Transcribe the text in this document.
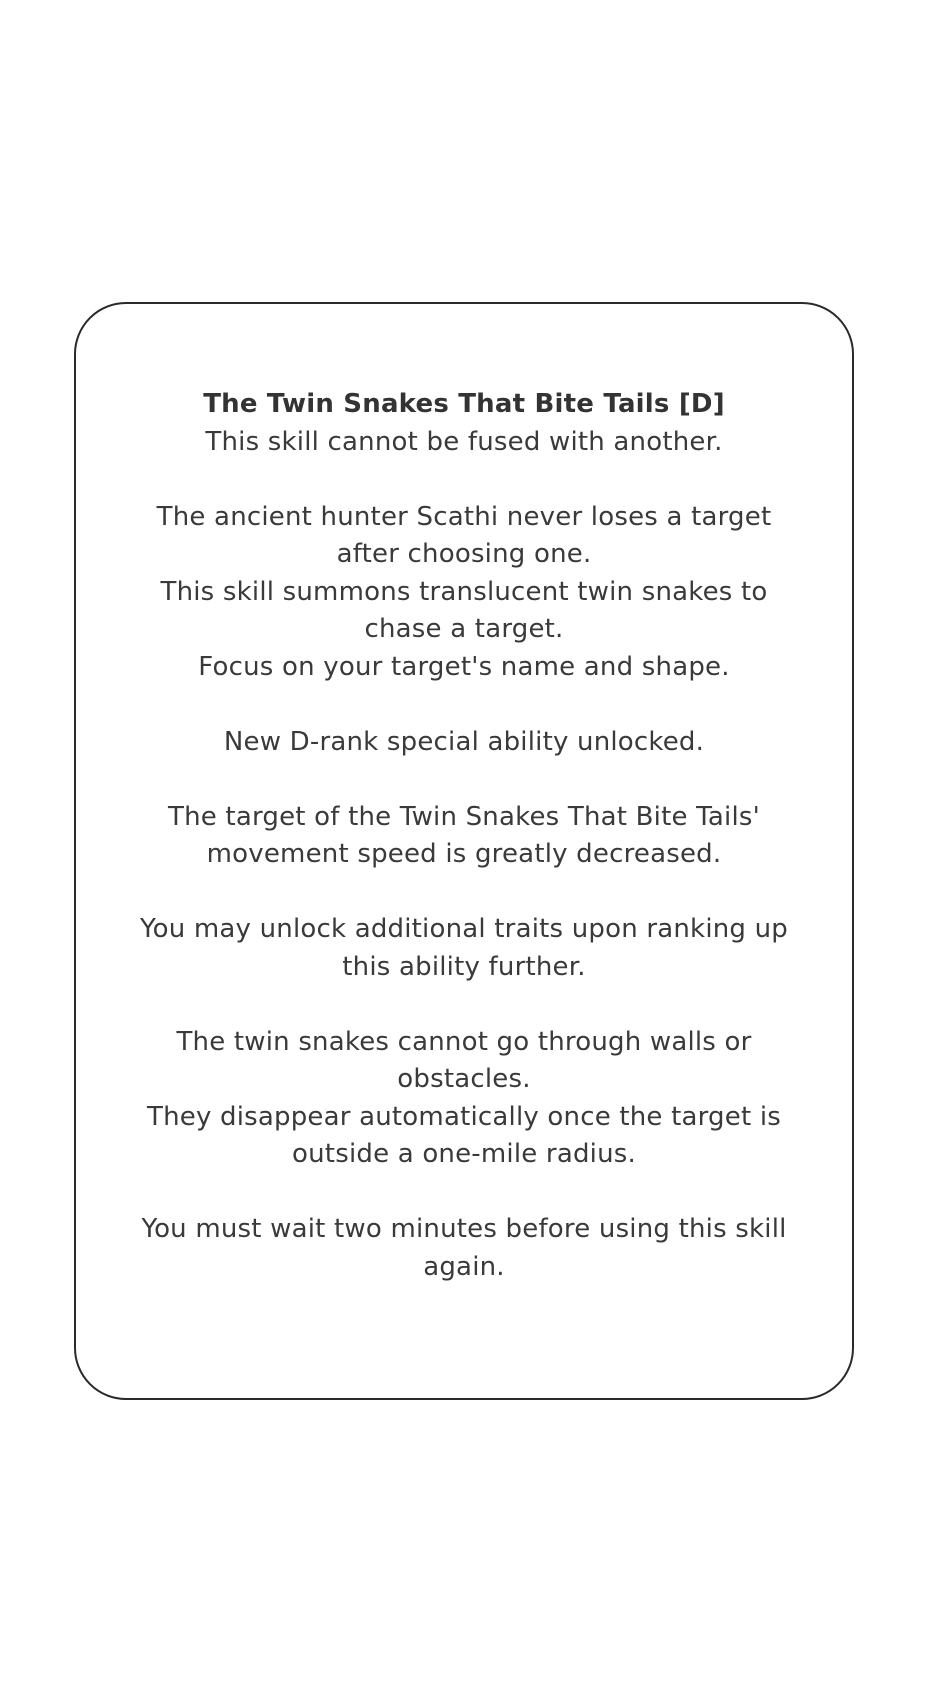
The Twin Snakes That Bite Tails [D]
This skill cannot be fused with another.
The ancient hunter Scathi never loses a target
after choosing one.
This skill summons translucent twin snakes to
chase a target.
Focus on your target's name and shape.
New D-rank special ability unlocked.
The target of the Twin Snakes That Bite Tails'
movement speed is greatly decreased.
You may unlock additional traits upon ranking up
this ability further.
The twin snakes cannot go through walls or
obstacles.
They disappear automatically once the target is
outside a one-mile radius.
You must wait two minutes before using this skill
again.
